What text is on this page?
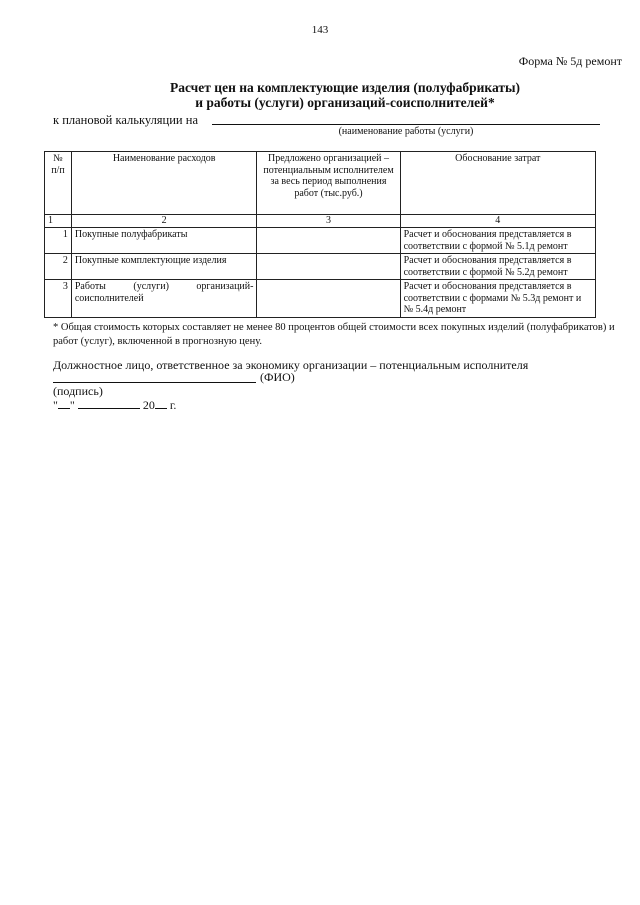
143
Форма № 5д ремонт
Расчет цен на комплектующие изделия (полуфабрикаты)
и работы (услуги) организаций-соисполнителей*
к плановой калькуляции на
(наименование работы (услуги)
№ п/п	Наименование расходов	Предложено организацией – потенциальным исполнителем за весь период выполнения работ (тыс.руб.)	Обоснование затрат
1	2	3	4
1	Покупные полуфабрикаты		Расчет и обоснования представляется в соответствии с формой № 5.1д ремонт
2	Покупные комплектующие изделия		Расчет и обоснования представляется в соответствии с формой № 5.2д ремонт
3	Работы (услуги) организаций-соисполнителей		Расчет и обоснования представляется в соответствии с формами № 5.3д ремонт и № 5.4д ремонт
* Общая стоимость которых составляет не менее 80 процентов общей стоимости всех покупных изделий (полуфабрикатов) и работ (услуг), включенной в прогнозную цену.
Должностное лицо, ответственное за экономику организации – потенциальным исполнителя
(ФИО)
(подпись)
" "	20 г.
